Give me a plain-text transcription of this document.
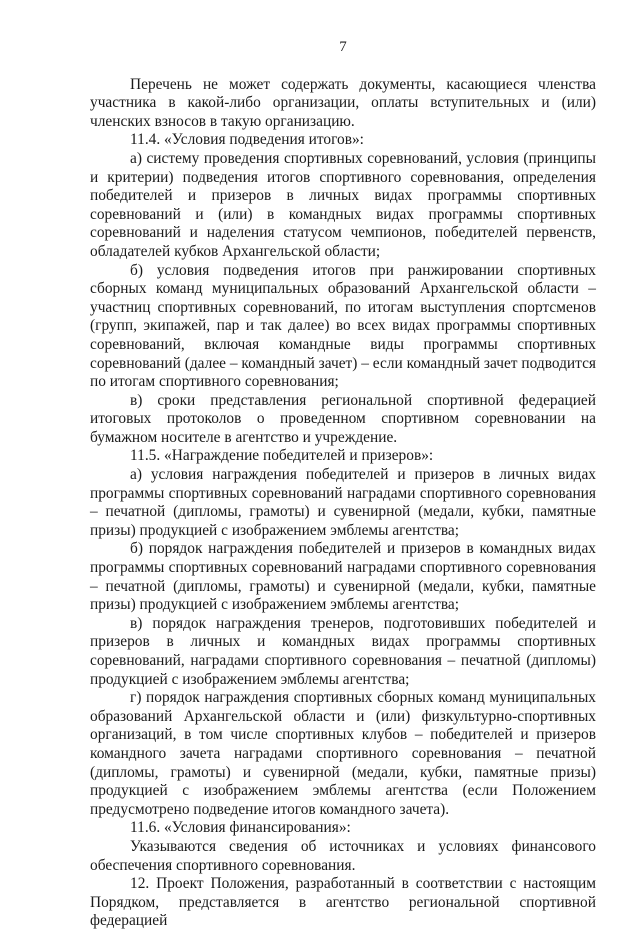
7

Перечень не может содержать документы, касающиеся членства участника в какой-либо организации, оплаты вступительных и (или) членских взносов в такую организацию.

11.4. «Условия подведения итогов»:

а) систему проведения спортивных соревнований, условия (принципы и критерии) подведения итогов спортивного соревнования, определения победителей и призеров в личных видах программы спортивных соревнований и (или) в командных видах программы спортивных соревнований и наделения статусом чемпионов, победителей первенств, обладателей кубков Архангельской области;

б) условия подведения итогов при ранжировании спортивных сборных команд муниципальных образований Архангельской области – участниц спортивных соревнований, по итогам выступления спортсменов (групп, экипажей, пар и так далее) во всех видах программы спортивных соревнований, включая командные виды программы спортивных соревнований (далее – командный зачет) – если командный зачет подводится по итогам спортивного соревнования;

в) сроки представления региональной спортивной федерацией итоговых протоколов о проведенном спортивном соревновании на бумажном носителе в агентство и учреждение.

11.5. «Награждение победителей и призеров»:

а) условия награждения победителей и призеров в личных видах программы спортивных соревнований наградами спортивного соревнования – печатной (дипломы, грамоты) и сувенирной (медали, кубки, памятные призы) продукцией с изображением эмблемы агентства;

б) порядок награждения победителей и призеров в командных видах программы спортивных соревнований наградами спортивного соревнования – печатной (дипломы, грамоты) и сувенирной (медали, кубки, памятные призы) продукцией с изображением эмблемы агентства;

в) порядок награждения тренеров, подготовивших победителей и призеров в личных и командных видах программы спортивных соревнований, наградами спортивного соревнования – печатной (дипломы) продукцией с изображением эмблемы агентства;

г) порядок награждения спортивных сборных команд муниципальных образований Архангельской области и (или) физкультурно-спортивных организаций, в том числе спортивных клубов – победителей и призеров командного зачета наградами спортивного соревнования – печатной (дипломы, грамоты) и сувенирной (медали, кубки, памятные призы) продукцией с изображением эмблемы агентства (если Положением предусмотрено подведение итогов командного зачета).

11.6. «Условия финансирования»:

Указываются сведения об источниках и условиях финансового обеспечения спортивного соревнования.

12. Проект Положения, разработанный в соответствии с настоящим Порядком, представляется в агентство региональной спортивной федерацией
